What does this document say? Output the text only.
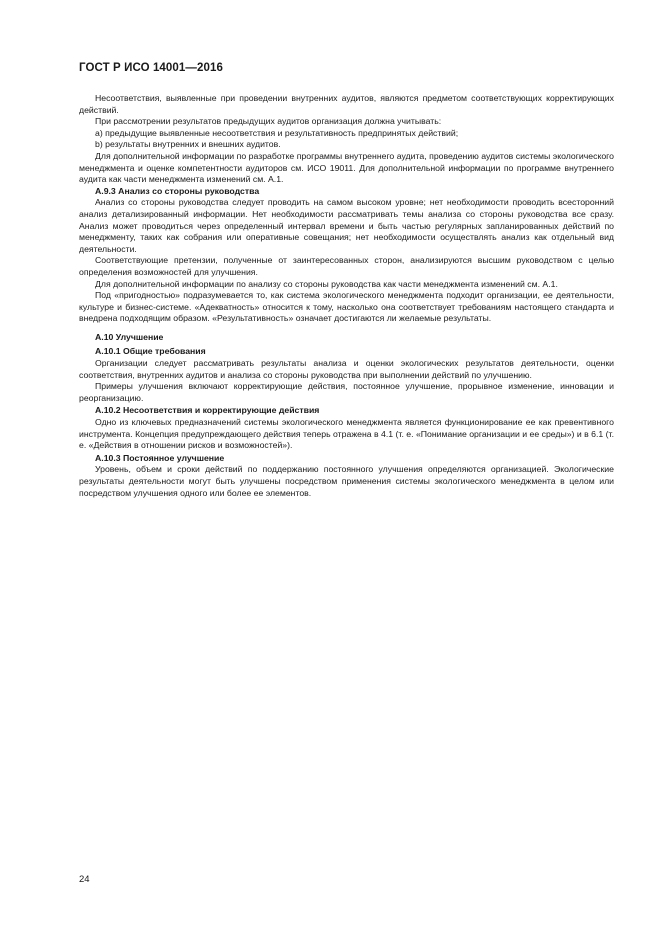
ГОСТ Р ИСО 14001—2016

Несоответствия, выявленные при проведении внутренних аудитов, являются предметом соответствующих корректирующих действий.

При рассмотрении результатов предыдущих аудитов организация должна учитывать:

a) предыдущие выявленные несоответствия и результативность предпринятых действий;

b) результаты внутренних и внешних аудитов.

Для дополнительной информации по разработке программы внутреннего аудита, проведению аудитов системы экологического менеджмента и оценке компетентности аудиторов см. ИСО 19011. Для дополнительной информации по программе внутреннего аудита как части менеджмента изменений см. А.1.

A.9.3 Анализ со стороны руководства

Анализ со стороны руководства следует проводить на самом высоком уровне; нет необходимости проводить всесторонний анализ детализированный информации. Нет необходимости рассматривать темы анализа со стороны руководства все сразу. Анализ может проводиться через определенный интервал времени и быть частью регулярных запланированных действий по менеджменту, таких как собрания или оперативные совещания; нет необходимости осуществлять анализ как отдельный вид деятельности.

Соответствующие претензии, полученные от заинтересованных сторон, анализируются высшим руководством с целью определения возможностей для улучшения.

Для дополнительной информации по анализу со стороны руководства как части менеджмента изменений см. А.1.

Под «пригодностью» подразумевается то, как система экологического менеджмента подходит организации, ее деятельности, культуре и бизнес-системе. «Адекватность» относится к тому, насколько она соответствует требованиям настоящего стандарта и внедрена подходящим образом. «Результативность» означает достигаются ли желаемые результаты.

A.10 Улучшение
A.10.1 Общие требования

Организации следует рассматривать результаты анализа и оценки экологических результатов деятельности, оценки соответствия, внутренних аудитов и анализа со стороны руководства при выполнении действий по улучшению.

Примеры улучшения включают корректирующие действия, постоянное улучшение, прорывное изменение, инновации и реорганизацию.

A.10.2 Несоответствия и корректирующие действия

Одно из ключевых предназначений системы экологического менеджмента является функционирование ее как превентивного инструмента. Концепция предупреждающего действия теперь отражена в 4.1 (т. е. «Понимание организации и ее среды») и в 6.1 (т. е. «Действия в отношении рисков и возможностей»).

A.10.3 Постоянное улучшение

Уровень, объем и сроки действий по поддержанию постоянного улучшения определяются организацией. Экологические результаты деятельности могут быть улучшены посредством применения системы экологического менеджмента в целом или посредством улучшения одного или более ее элементов.

24
